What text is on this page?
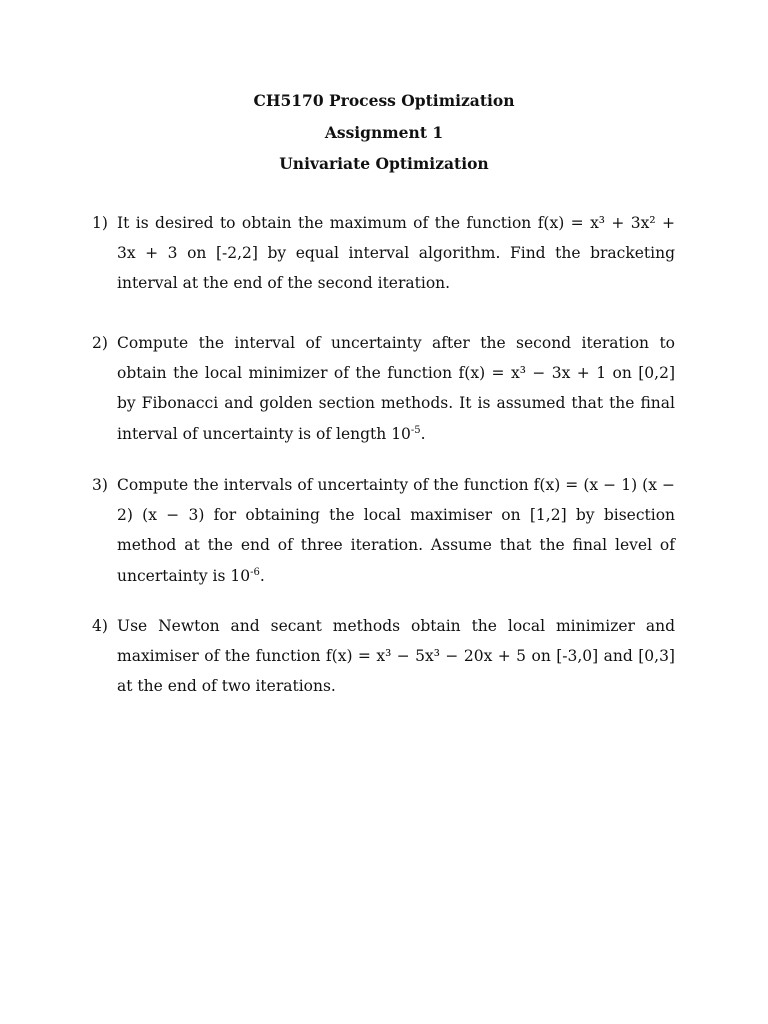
CH5170 Process Optimization
Assignment 1
Univariate Optimization
1) It is desired to obtain the maximum of the function f(x) = x³ + 3x² + 3x + 3 on [-2,2] by equal interval algorithm. Find the bracketing interval at the end of the second iteration.
2) Compute the interval of uncertainty after the second iteration to obtain the local minimizer of the function f(x) = x³ − 3x + 1 on [0,2] by Fibonacci and golden section methods. It is assumed that the final interval of uncertainty is of length $10^{-5}$.
3) Compute the intervals of uncertainty of the function f(x) = (x − 1) (x − 2) (x − 3) for obtaining the local maximiser on [1,2] by bisection method at the end of three iteration. Assume that the final level of uncertainty is $10^{-6}$.
4) Use Newton and secant methods obtain the local minimizer and maximiser of the function f(x) = x³ − 5x³ − 20x + 5 on [-3,0] and [0,3] at the end of two iterations.
